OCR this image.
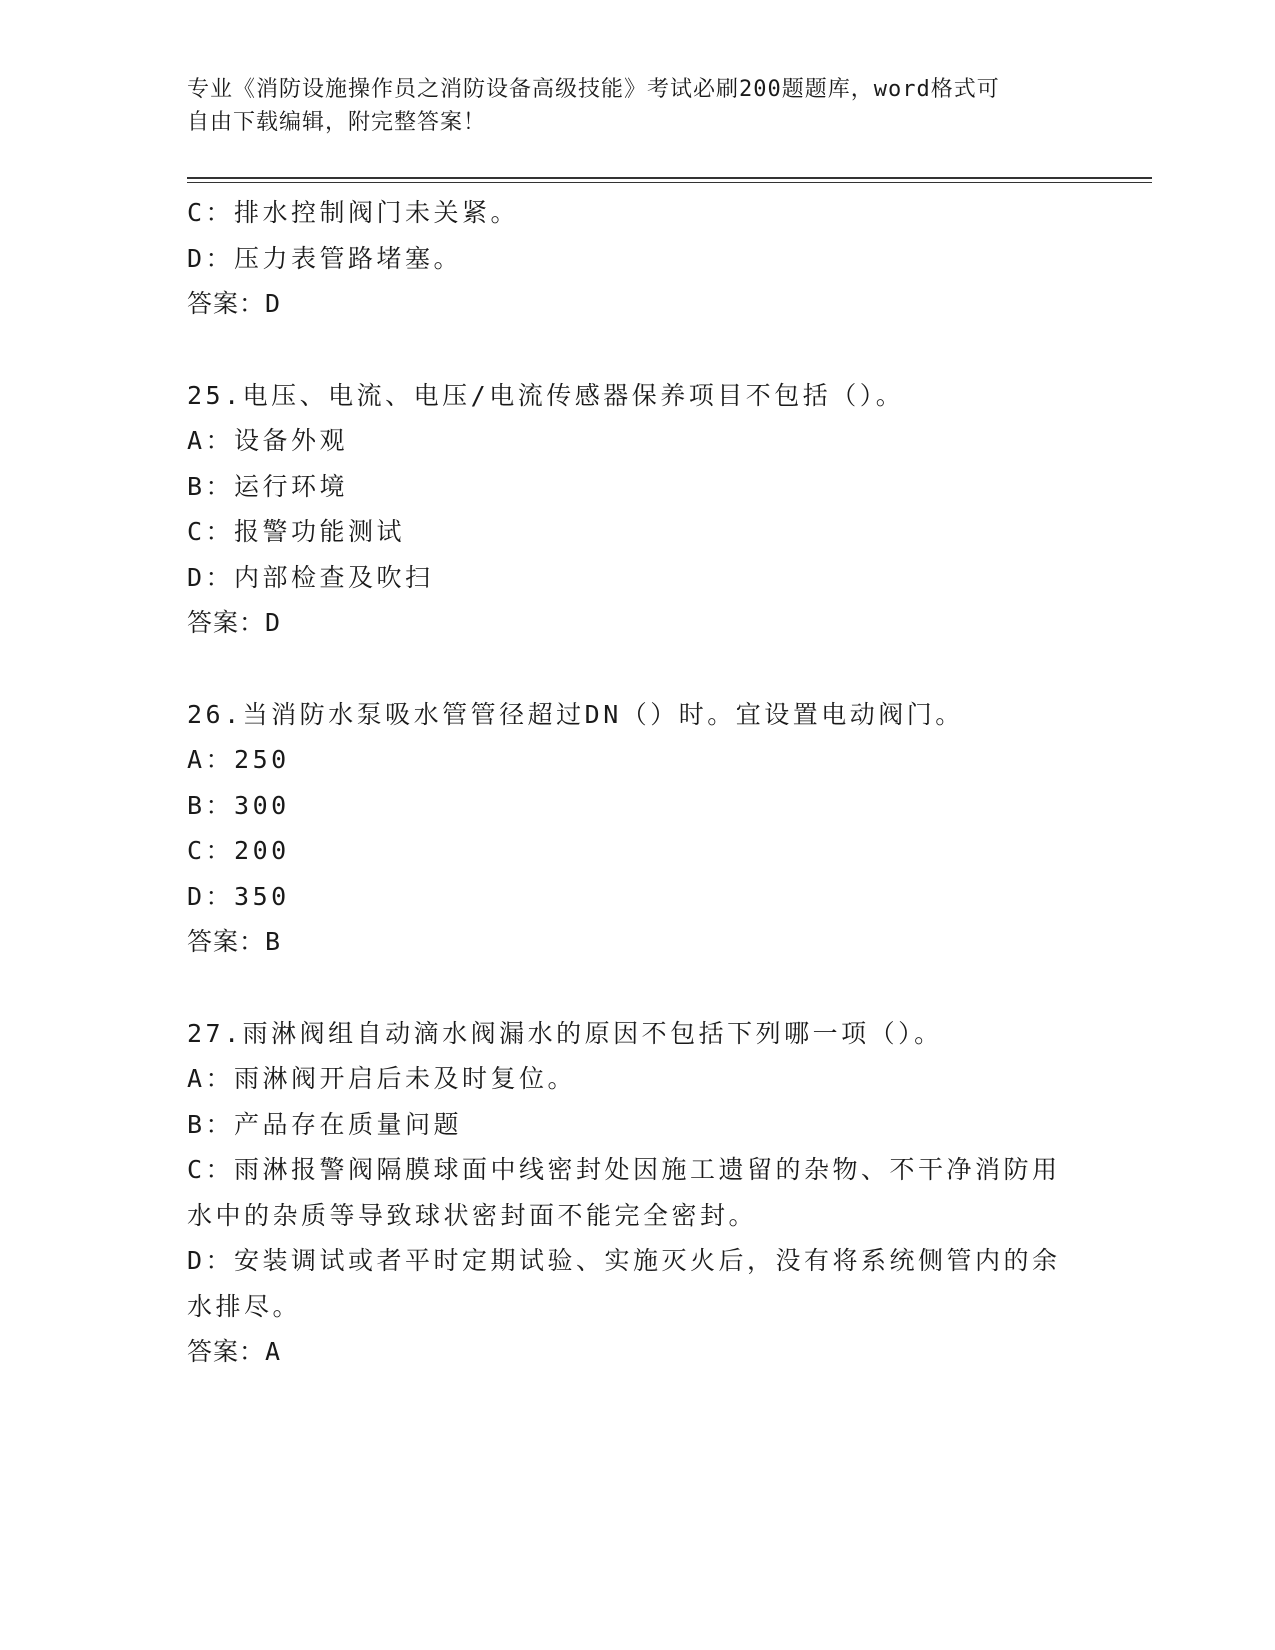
专业《消防设施操作员之消防设备高级技能》考试必刷200题题库，word格式可
自由下载编辑，附完整答案！
C：排水控制阀门未关紧。
D：压力表管路堵塞。
答案：D
25.电压、电流、电压/电流传感器保养项目不包括（）。
A：设备外观
B：运行环境
C：报警功能测试
D：内部检查及吹扫
答案：D
26.当消防水泵吸水管管径超过DN（）时。宜设置电动阀门。
A：250
B：300
C：200
D：350
答案：B
27.雨淋阀组自动滴水阀漏水的原因不包括下列哪一项（）。
A：雨淋阀开启后未及时复位。
B：产品存在质量问题
C：雨淋报警阀隔膜球面中线密封处因施工遗留的杂物、不干净消防用水中的杂质等导致球状密封面不能完全密封。
D：安装调试或者平时定期试验、实施灭火后，没有将系统侧管内的余水排尽。
答案：A
